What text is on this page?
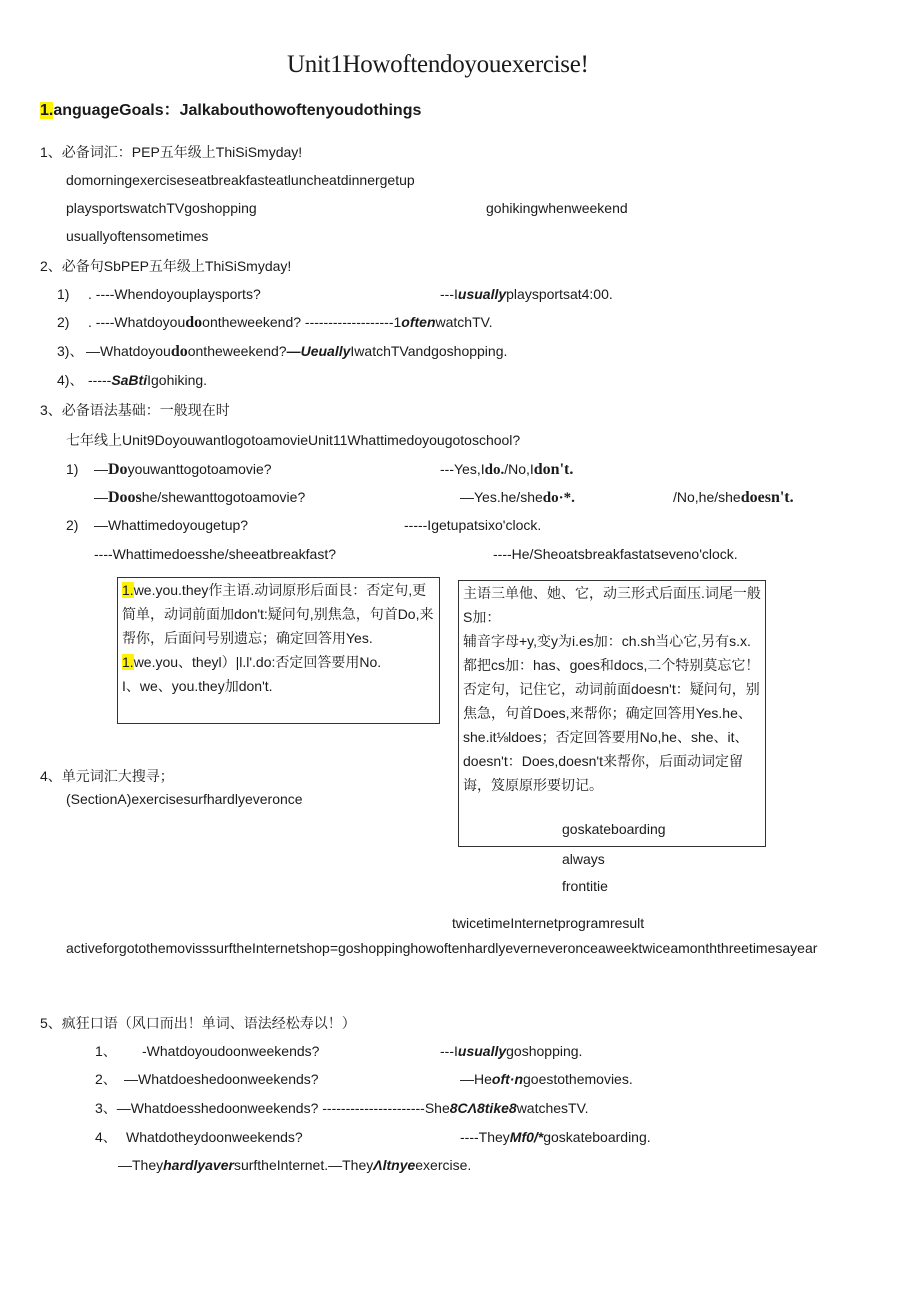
Unit1Howoftendoyouexercise!
1.anguageGoals：Jalkabouthowoftenyoudothings
1、必备词汇：PEP五年级上ThiSiSmyday!
domorningexerciseseatbreakfasteatluncheatdinnergetup
playsportswatchTVgoshopping	gohikingwhenweekend
usuallyoftensometimes
2、必备句SbPEP五年级上ThiSiSmyday!
1) . ----Whendoyouplaysports?	---Iusuallyplaysportsat4:00.
2) . ----Whatdoyoudoontheweekend? -------------------1oftenwatchTV.
3)、 —Whatdoyoudoontheweekend?—UeuallyIwatchTVandgoshopping.
4)、 -----SaBtiIgohiking.
3、必备语法基础：一般现在时
七年线上Unit9DoyouwantlogotoamovieUnit11Whattimedoyougotoschool?
1) —Doyouwanttogotoamovie?	---Yes,Ido./No,Idon't.
—Dooshe/shewanttogotoamovie?	—Yes.he/shedo·*.	/No,he/shedoesn't.
2) —Whattimedoyougetup?	-----Igetupatsixo'clock.
----Whattimedoesshe/sheeatbreakfast?	----He/Sheoatsbreakfastatseveno'clock.

1.we.you.they作主语.动词原形后面艮：否定句,更简单，动词前面加don't:疑问句,别焦急，句首Do,来帮你，后面问号别遗忘；确定回答用Yes.

1.we.you、theyl）|l.l'.do:否定回答要用No.

I、we、you.they加don't.

主语三单他、她、它，动三形式后面压.词尾一般S加：

辅音字母+y,变y为i.es加：ch.sh当心它,另有s.x.都把cs加：has、goes和docs,二个特别莫忘它！否定句，记住它，动词前面doesn't：疑问句，别焦急，句首Does,来帮你；确定回答用Yes.he、she.it⅛ldoes；否定回答要用No,he、she、it、doesn't：Does,doesn't来帮你，后面动词定留诲，笈原原形要切记。

goskateboarding
4、单元词汇大搜寻；
(SectionA)exercisesurfhardlyeveronce
always
frontitie
twicetimeInternetprogramresult
activeforgotothemovisssurftheInternetshop=goshoppinghowoftenhardlyeverneveronceaweektwiceamonththreetimesayear
5、疯狂口语（风口而出！单词、语法经松寿以！）
1、 -Whatdoyoudoonweekends?	---Iusuallygoshopping.
2、 —Whatdoeshedoonweekends?	—Heoft·ngoestothemovies.
3、—Whatdoesshedoonweekends? ----------------------She8CΛ8tike8watchesTV.
4、 Whatdotheydoonweekends?	----TheyMf0/*goskateboarding.
—TheyhardlyaversurftheInternet.—TheyΛltnyeexercise.
